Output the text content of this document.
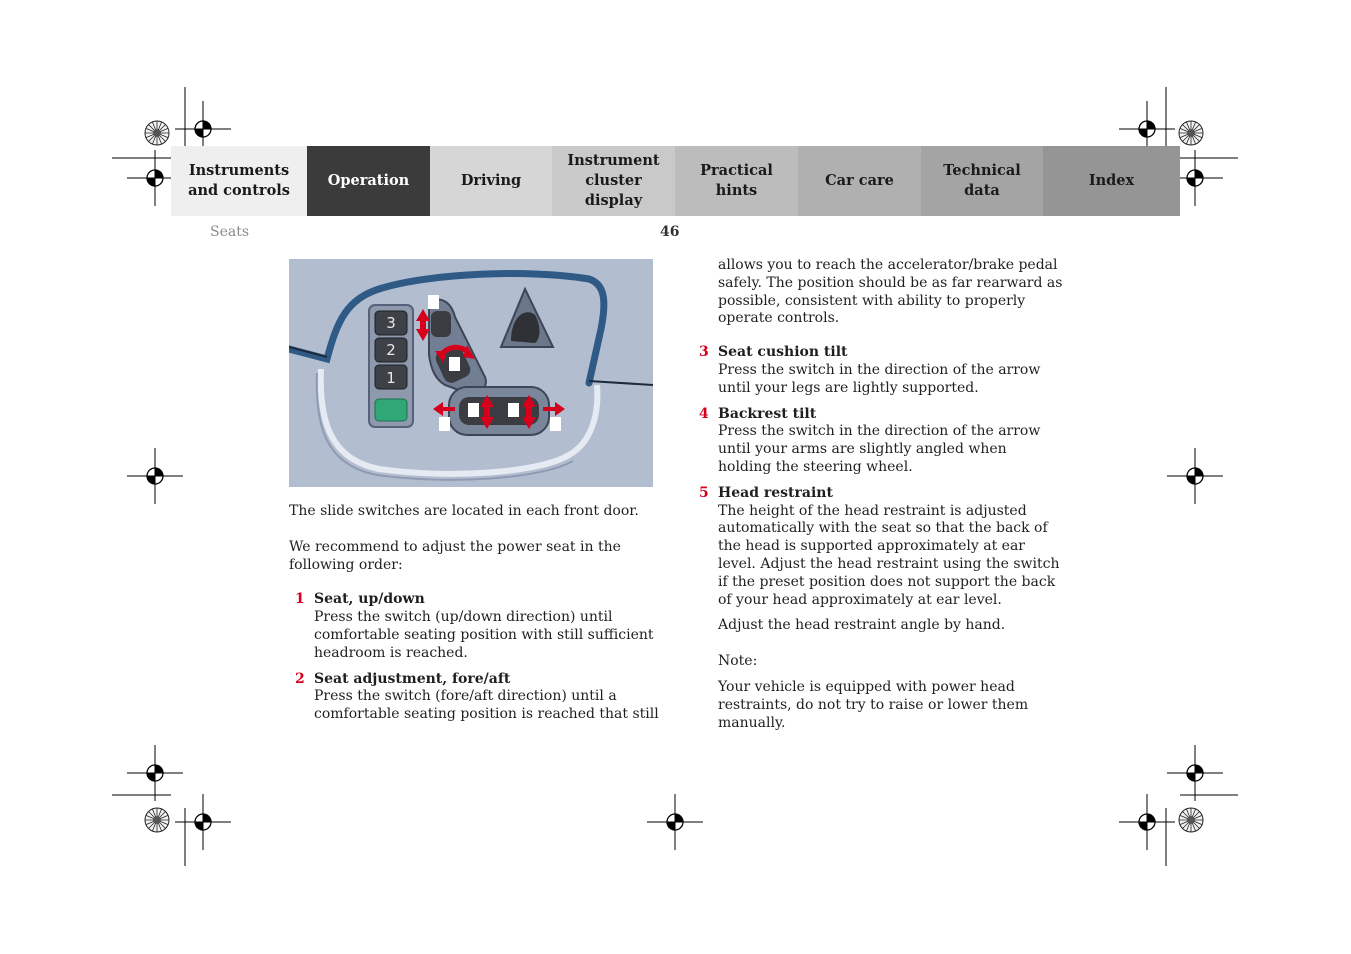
Instruments
and controls
Operation	Driving
Instrument
cluster display
Practical hints
Car care
Technical
data
Index
Seats	46
3
2
1

The slide switches are located in each front door.

We recommend to adjust the power seat in the following order:

1 Seat, up/down
Press the switch (up/down direction) until comfortable seating position with still sufficient headroom is reached.
2 Seat adjustment, fore/aft
Press the switch (fore/aft direction) until a comfortable seating position is reached that still

allows you to reach the accelerator/brake pedal safely. The position should be as far rearward as possible, consistent with ability to properly operate controls.

3 Seat cushion tilt
Press the switch in the direction of the arrow until your legs are lightly supported.
4 Backrest tilt
Press the switch in the direction of the arrow until your arms are slightly angled when holding the steering wheel.
5 Head restraint
The height of the head restraint is adjusted automatically with the seat so that the back of the head is supported approximately at ear level. Adjust the head restraint using the switch if the preset position does not support the back of your head approximately at ear level.

Adjust the head restraint angle by hand.

Note:

Your vehicle is equipped with power head restraints, do not try to raise or lower them manually.
